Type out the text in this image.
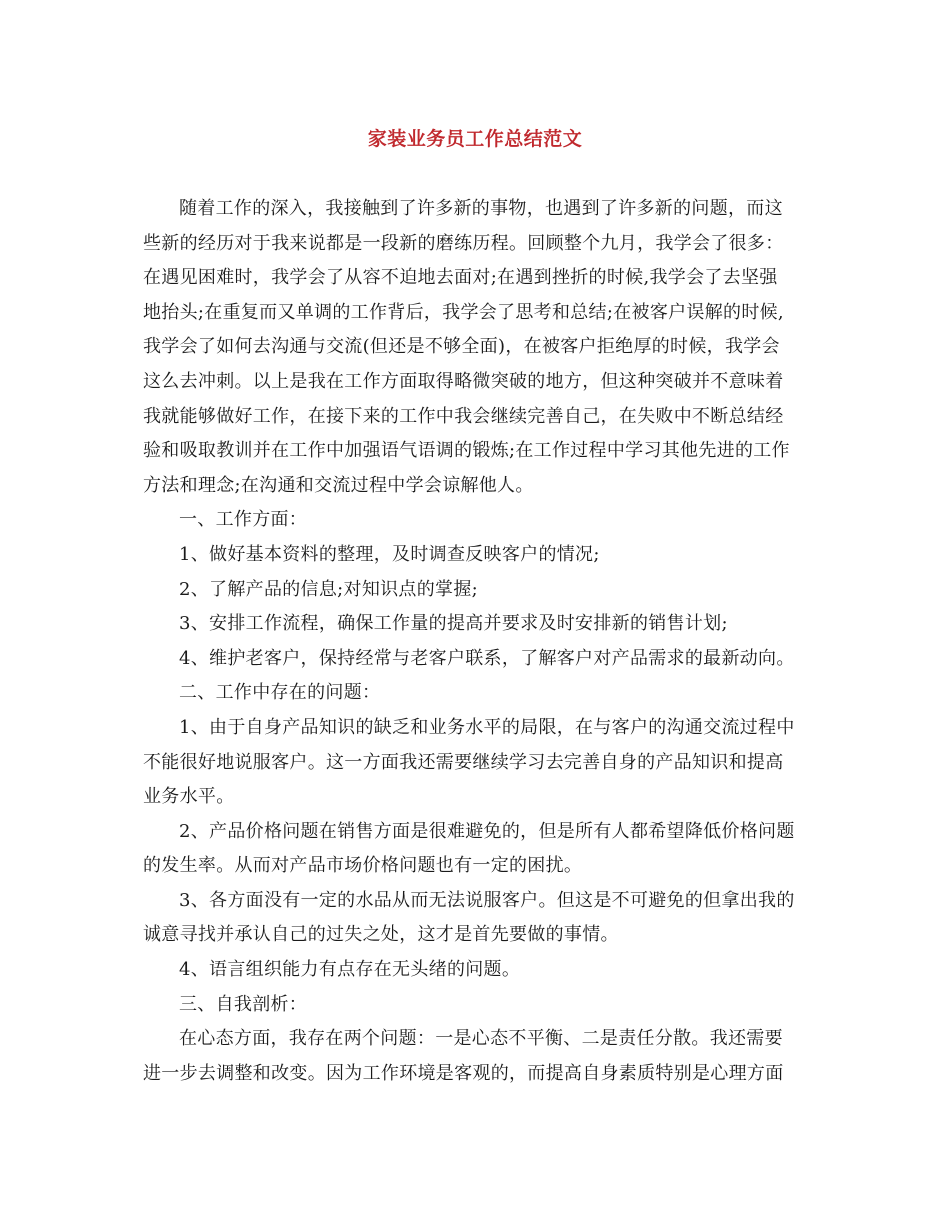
家装业务员工作总结范文
随着工作的深入，我接触到了许多新的事物，也遇到了许多新的问题，而这
些新的经历对于我来说都是一段新的磨练历程。回顾整个九月，我学会了很多：
在遇见困难时，我学会了从容不迫地去面对;在遇到挫折的时候,我学会了去坚强
地抬头;在重复而又单调的工作背后，我学会了思考和总结;在被客户误解的时候,
我学会了如何去沟通与交流(但还是不够全面)，在被客户拒绝厚的时候，我学会
这么去冲刺。以上是我在工作方面取得略微突破的地方，但这种突破并不意味着
我就能够做好工作，在接下来的工作中我会继续完善自己，在失败中不断总结经
验和吸取教训并在工作中加强语气语调的锻炼;在工作过程中学习其他先进的工作
方法和理念;在沟通和交流过程中学会谅解他人。
一、工作方面：
1、做好基本资料的整理，及时调查反映客户的情况;
2、了解产品的信息;对知识点的掌握;
3、安排工作流程，确保工作量的提高并要求及时安排新的销售计划;
4、维护老客户，保持经常与老客户联系，了解客户对产品需求的最新动向。
二、工作中存在的问题：
1、由于自身产品知识的缺乏和业务水平的局限，在与客户的沟通交流过程中
不能很好地说服客户。这一方面我还需要继续学习去完善自身的产品知识和提高
业务水平。
2、产品价格问题在销售方面是很难避免的，但是所有人都希望降低价格问题
的发生率。从而对产品市场价格问题也有一定的困扰。
3、各方面没有一定的水品从而无法说服客户。但这是不可避免的但拿出我的
诚意寻找并承认自己的过失之处，这才是首先要做的事情。
4、语言组织能力有点存在无头绪的问题。
三、自我剖析：
在心态方面，我存在两个问题：一是心态不平衡、二是责任分散。我还需要
进一步去调整和改变。因为工作环境是客观的，而提高自身素质特别是心理方面
